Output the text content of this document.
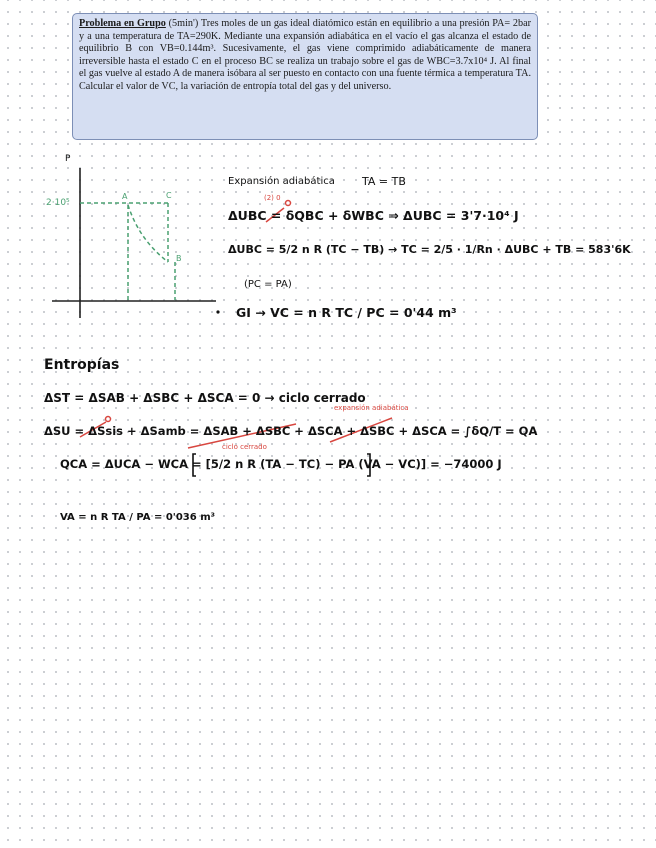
Problema en Grupo (5min') Tres moles de un gas ideal diatómico están en equilibrio a una presión PA= 2bar y a una temperatura de TA=290K. Mediante una expansión adiabática en el vacío el gas alcanza el estado de equilibrio B con VB=0.144m³. Sucesivamente, el gas viene comprimido adiabáticamente de manera irreversible hasta el estado C en el proceso BC se realiza un trabajo sobre el gas de WBC=3.7x10⁴ J. Al final el gas vuelve al estado A de manera isóbara al ser puesto en contacto con una fuente térmica a temperatura TA. Calcular el valor de VC, la variación de entropía total del gas y del universo.
P
2·10⁵
A	C
B
Expansión adiabática TA = TB
(2) 0
ΔUBC = δQBC + δWBC ⇒ ΔUBC = 3'7·10⁴ J
ΔUBC = 5/2 n R (TC − TB) → TC = 2/5 · 1/Rn · ΔUBC + TB = 583'6K
(PC = PA)
GI → VC = n R TC / PC = 0'44 m³
Entropías
ΔST = ΔSAB + ΔSBC + ΔSCA = 0 → ciclo cerrado
expansión adiabática
ΔSU = ΔSsis + ΔSamb = ΔSAB + ΔSBC + ΔSCA + ΔSBC + ΔSCA = ∫δQ/T = QA
ciclo cerrado
QCA = ΔUCA − WCA = [5/2 n R (TA − TC) − PA (VA − VC)] = −74000 J
VA = n R TA / PA = 0'036 m³
